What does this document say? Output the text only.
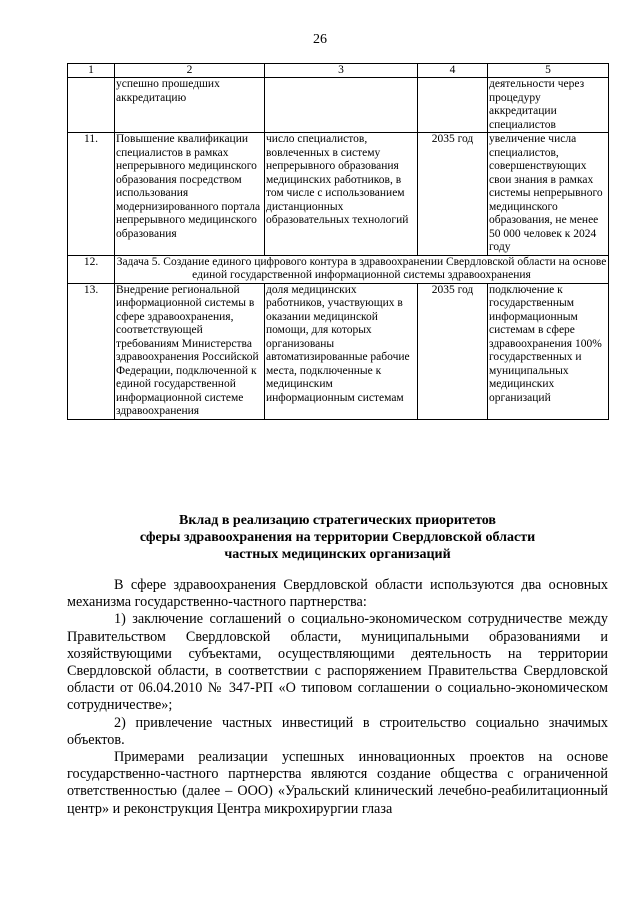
26
1	2	3	4	5
	успешно прошедших аккредитацию			деятельности через процедуру аккредитации специалистов
11.	Повышение квалификации специалистов в рамках непрерывного медицинского образования посредством использования модернизированного портала непрерывного медицинского образования	число специалистов, вовлеченных в систему непрерывного образования медицинских работников, в том числе с использованием дистанционных образовательных технологий	2035 год	увеличение числа специалистов, совершенствующих свои знания в рамках системы непрерывного медицинского образования, не менее 50 000 человек к 2024 году
12.	Задача 5. Создание единого цифрового контура в здравоохранении Свердловской области на основе единой государственной информационной системы здравоохранения			
13.	Внедрение региональной информационной системы в сфере здравоохранения, соответствующей требованиям Министерства здравоохранения Российской Федерации, подключенной к единой государственной информационной системе здравоохранения	доля медицинских работников, участвующих в оказании медицинской помощи, для которых организованы автоматизированные рабочие места, подключенные к медицинским информационным системам	2035 год	подключение к государственным информационным системам в сфере здравоохранения 100% государственных и муниципальных медицинских организаций
Вклад в реализацию стратегических приоритетов
сферы здравоохранения на территории Свердловской области
частных медицинских организаций

В сфере здравоохранения Свердловской области используются два основных механизма государственно-частного партнерства:

1) заключение соглашений о социально-экономическом сотрудничестве между Правительством Свердловской области, муниципальными образованиями и хозяйствующими субъектами, осуществляющими деятельность на территории Свердловской области, в соответствии с распоряжением Правительства Свердловской области от 06.04.2010 № 347-РП «О типовом соглашении о социально-экономическом сотрудничестве»;

2) привлечение частных инвестиций в строительство социально значимых объектов.

Примерами реализации успешных инновационных проектов на основе государственно-частного партнерства являются создание общества с ограниченной ответственностью (далее – ООО) «Уральский клинический лечебно-реабилитационный центр» и реконструкция Центра микрохирургии глаза
